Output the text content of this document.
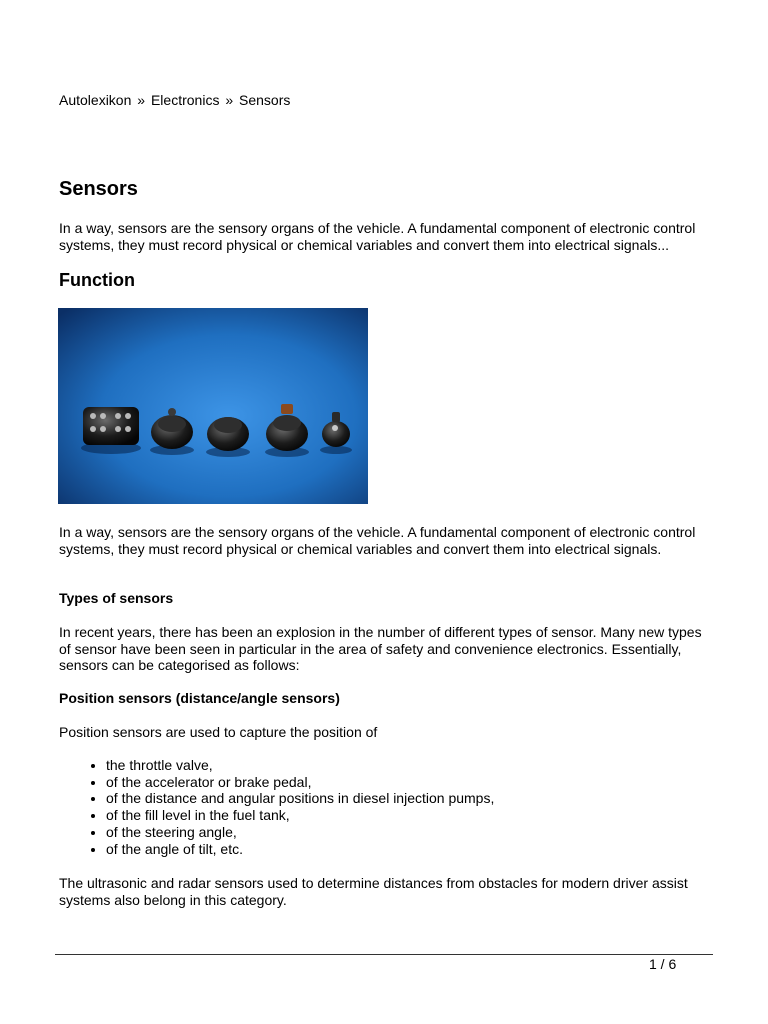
Autolexikon » Electronics » Sensors
Sensors

In a way, sensors are the sensory organs of the vehicle. A fundamental component of electronic control systems, they must record physical or chemical variables and convert them into electrical signals...

Function

In a way, sensors are the sensory organs of the vehicle. A fundamental component of electronic control systems, they must record physical or chemical variables and convert them into electrical signals.

Types of sensors

In recent years, there has been an explosion in the number of different types of sensor. Many new types of sensor have been seen in particular in the area of safety and convenience electronics. Essentially, sensors can be categorised as follows:

Position sensors (distance/angle sensors)

Position sensors are used to capture the position of

• the throttle valve,
• of the accelerator or brake pedal,
• of the distance and angular positions in diesel injection pumps,
• of the fill level in the fuel tank,
• of the steering angle,
• of the angle of tilt, etc.

The ultrasonic and radar sensors used to determine distances from obstacles for modern driver assist systems also belong in this category.

1 / 6
